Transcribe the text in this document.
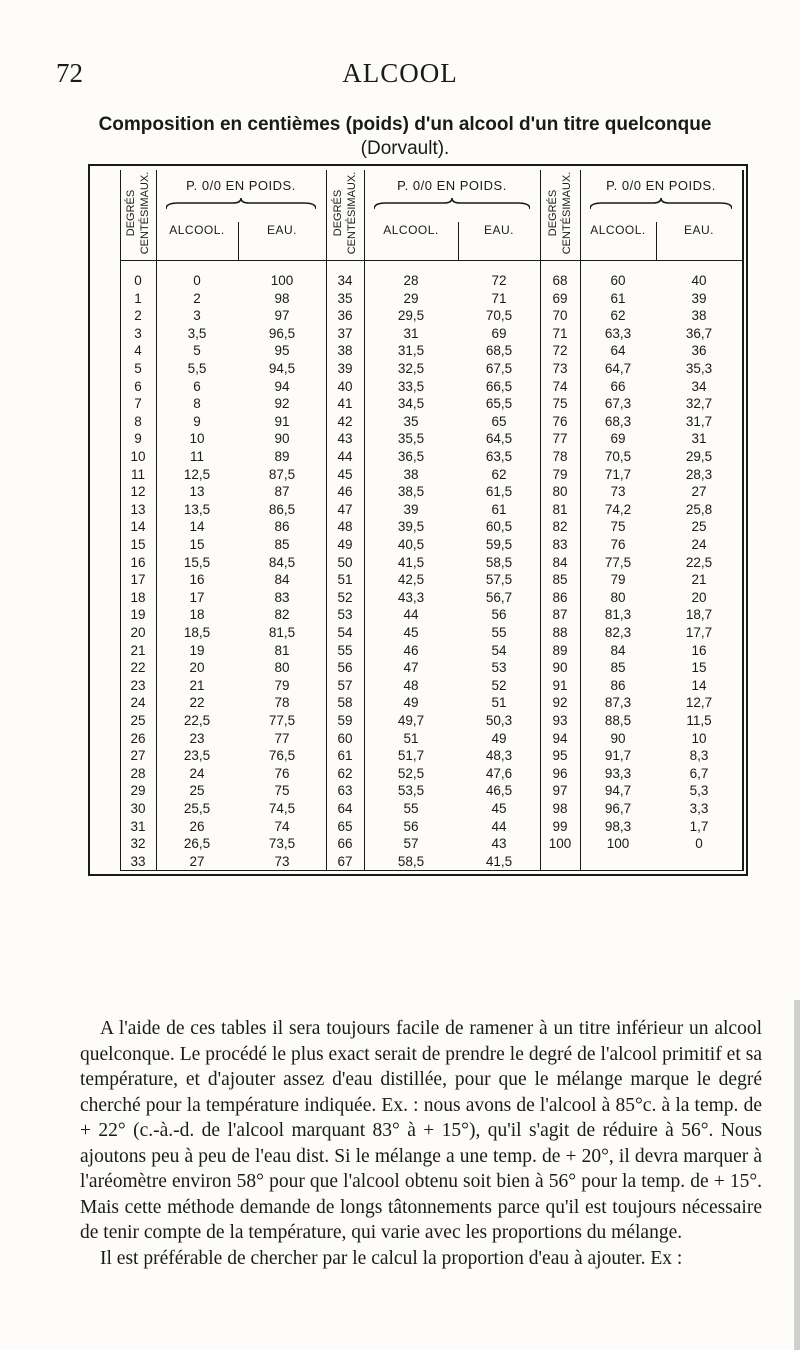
72	ALCOOL
Composition en centièmes (poids) d'un alcool d'un titre quelconque
(Dorvault).
DEGRÉS CENTÉSIMAUX.	P. 0/0 EN POIDS.
ALCOOL.	EAU.	DEGRÉS CENTÉSIMAUX.	P. 0/0 EN POIDS.
ALCOOL.	EAU.	DEGRÉS CENTÉSIMAUX.	P. 0/0 EN POIDS.
ALCOOL.	EAU.
0	0	100	34	28	72	68	60	40
1	2	98	35	29	71	69	61	39
2	3	97	36	29,5	70,5	70	62	38
3	3,5	96,5	37	31	69	71	63,3	36,7
4	5	95	38	31,5	68,5	72	64	36
5	5,5	94,5	39	32,5	67,5	73	64,7	35,3
6	6	94	40	33,5	66,5	74	66	34
7	8	92	41	34,5	65,5	75	67,3	32,7
8	9	91	42	35	65	76	68,3	31,7
9	10	90	43	35,5	64,5	77	69	31
10	11	89	44	36,5	63,5	78	70,5	29,5
11	12,5	87,5	45	38	62	79	71,7	28,3
12	13	87	46	38,5	61,5	80	73	27
13	13,5	86,5	47	39	61	81	74,2	25,8
14	14	86	48	39,5	60,5	82	75	25
15	15	85	49	40,5	59,5	83	76	24
16	15,5	84,5	50	41,5	58,5	84	77,5	22,5
17	16	84	51	42,5	57,5	85	79	21
18	17	83	52	43,3	56,7	86	80	20
19	18	82	53	44	56	87	81,3	18,7
20	18,5	81,5	54	45	55	88	82,3	17,7
21	19	81	55	46	54	89	84	16
22	20	80	56	47	53	90	85	15
23	21	79	57	48	52	91	86	14
24	22	78	58	49	51	92	87,3	12,7
25	22,5	77,5	59	49,7	50,3	93	88,5	11,5
26	23	77	60	51	49	94	90	10
27	23,5	76,5	61	51,7	48,3	95	91,7	8,3
28	24	76	62	52,5	47,6	96	93,3	6,7
29	25	75	63	53,5	46,5	97	94,7	5,3
30	25,5	74,5	64	55	45	98	96,7	3,3
31	26	74	65	56	44	99	98,3	1,7
32	26,5	73,5	66	57	43	100	100	0
33	27	73	67	58,5	41,5

A l'aide de ces tables il sera toujours facile de ramener à un titre inférieur un alcool quelconque. Le procédé le plus exact serait de prendre le degré de l'alcool primitif et sa température, et d'ajouter assez d'eau distillée, pour que le mélange marque le degré cherché pour la température indiquée. Ex. : nous avons de l'alcool à 85°c. à la temp. de + 22° (c.-à.-d. de l'alcool marquant 83° à + 15°), qu'il s'agit de réduire à 56°. Nous ajoutons peu à peu de l'eau dist. Si le mélange a une temp. de + 20°, il devra marquer à l'aréomètre environ 58° pour que l'alcool obtenu soit bien à 56° pour la temp. de + 15°. Mais cette méthode demande de longs tâtonnements parce qu'il est toujours nécessaire de tenir compte de la température, qui varie avec les proportions du mélange.

Il est préférable de chercher par le calcul la proportion d'eau à ajouter. Ex :
